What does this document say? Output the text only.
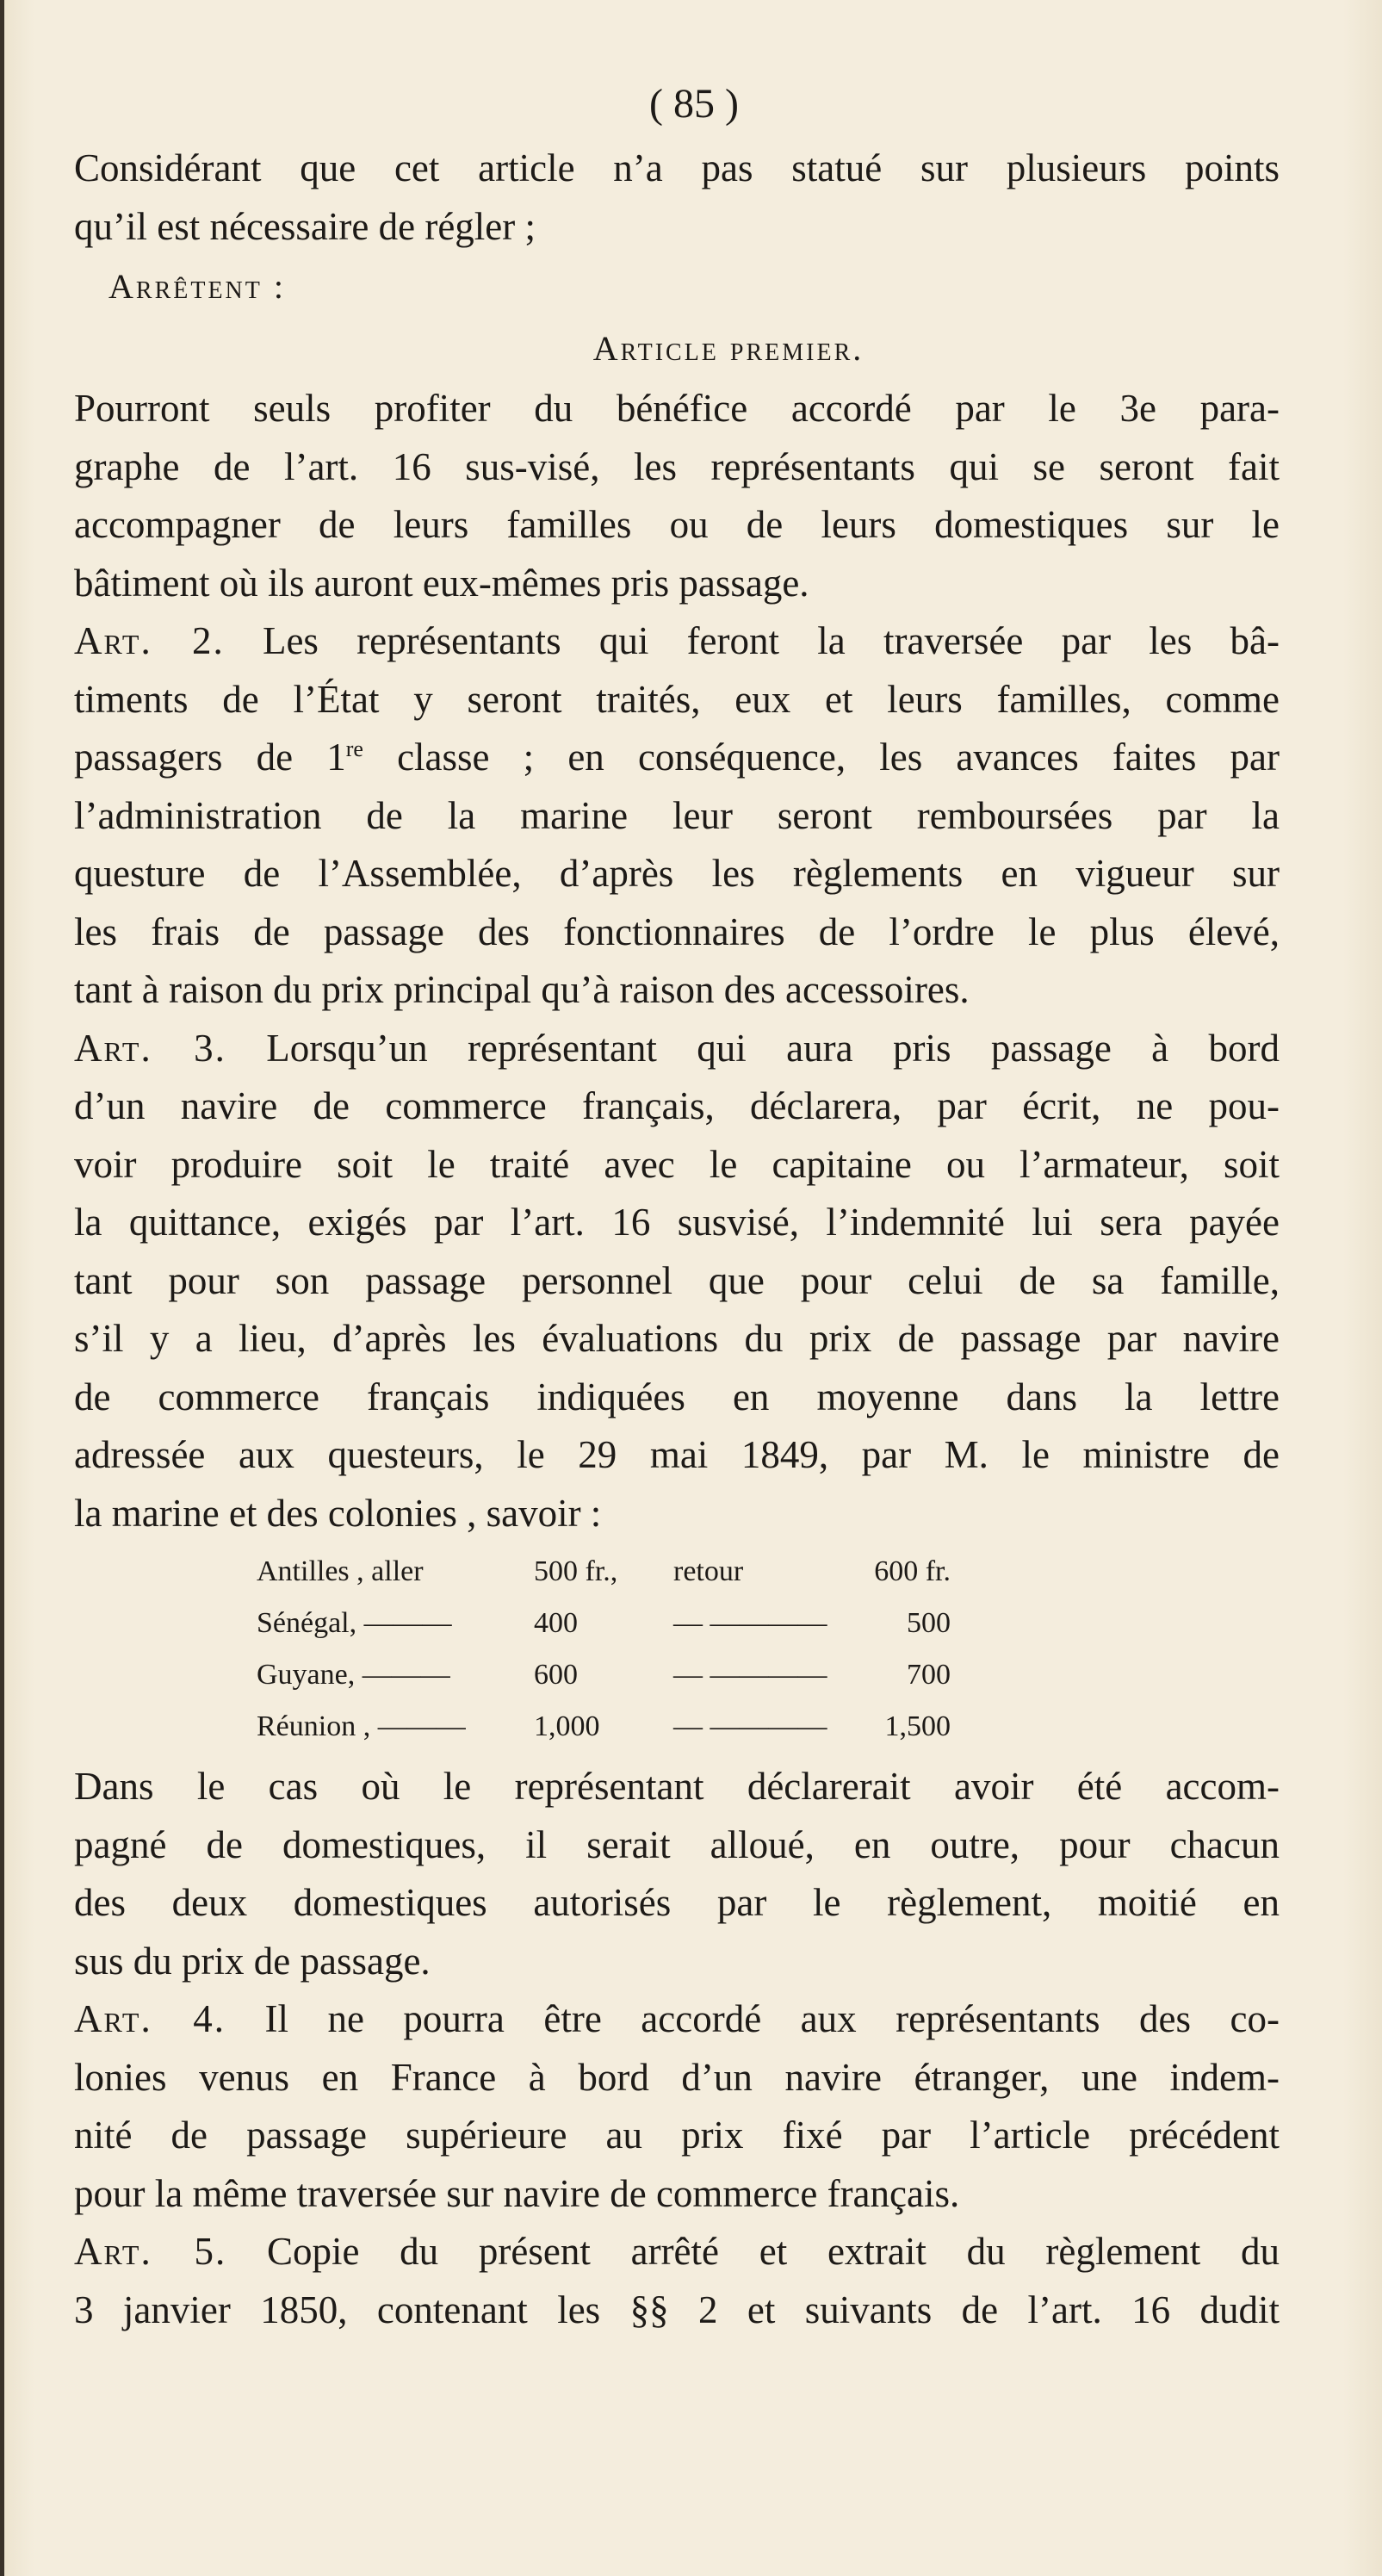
( 85 )

Considérant que cet article n’a pas statué sur plusieurs points

qu’il est nécessaire de régler ;

Arrêtent :
Article premier.

Pourront seuls profiter du bénéfice accordé par le 3e para-

graphe de l’art. 16 sus-visé, les représentants qui se seront fait

accompagner de leurs familles ou de leurs domestiques sur le

bâtiment où ils auront eux-mêmes pris passage.

Art. 2. Les représentants qui feront la traversée par les bâ-

timents de l’État y seront traités, eux et leurs familles, comme

passagers de 1re classe ; en conséquence, les avances faites par

l’administration de la marine leur seront remboursées par la

questure de l’Assemblée, d’après les règlements en vigueur sur

les frais de passage des fonctionnaires de l’ordre le plus élevé,

tant à raison du prix principal qu’à raison des accessoires.

Art. 3. Lorsqu’un représentant qui aura pris passage à bord

d’un navire de commerce français, déclarera, par écrit, ne pou-

voir produire soit le traité avec le capitaine ou l’armateur, soit

la quittance, exigés par l’art. 16 susvisé, l’indemnité lui sera payée

tant pour son passage personnel que pour celui de sa famille,

s’il y a lieu, d’après les évaluations du prix de passage par navire

de commerce français indiquées en moyenne dans la lettre

adressée aux questeurs, le 29 mai 1849, par M. le ministre de

la marine et des colonies , savoir :

Antilles , aller	500 fr.,	retour	600 fr.
Sénégal, ———	400	— ————	500
Guyane, ———	600	— ————	700
Réunion , ———	1,000	— ————	1,500

Dans le cas où le représentant déclarerait avoir été accom-

pagné de domestiques, il serait alloué, en outre, pour chacun

des deux domestiques autorisés par le règlement, moitié en

sus du prix de passage.

Art. 4. Il ne pourra être accordé aux représentants des co-

lonies venus en France à bord d’un navire étranger, une indem-

nité de passage supérieure au prix fixé par l’article précédent

pour la même traversée sur navire de commerce français.

Art. 5. Copie du présent arrêté et extrait du règlement du

3 janvier 1850, contenant les §§ 2 et suivants de l’art. 16 dudit
